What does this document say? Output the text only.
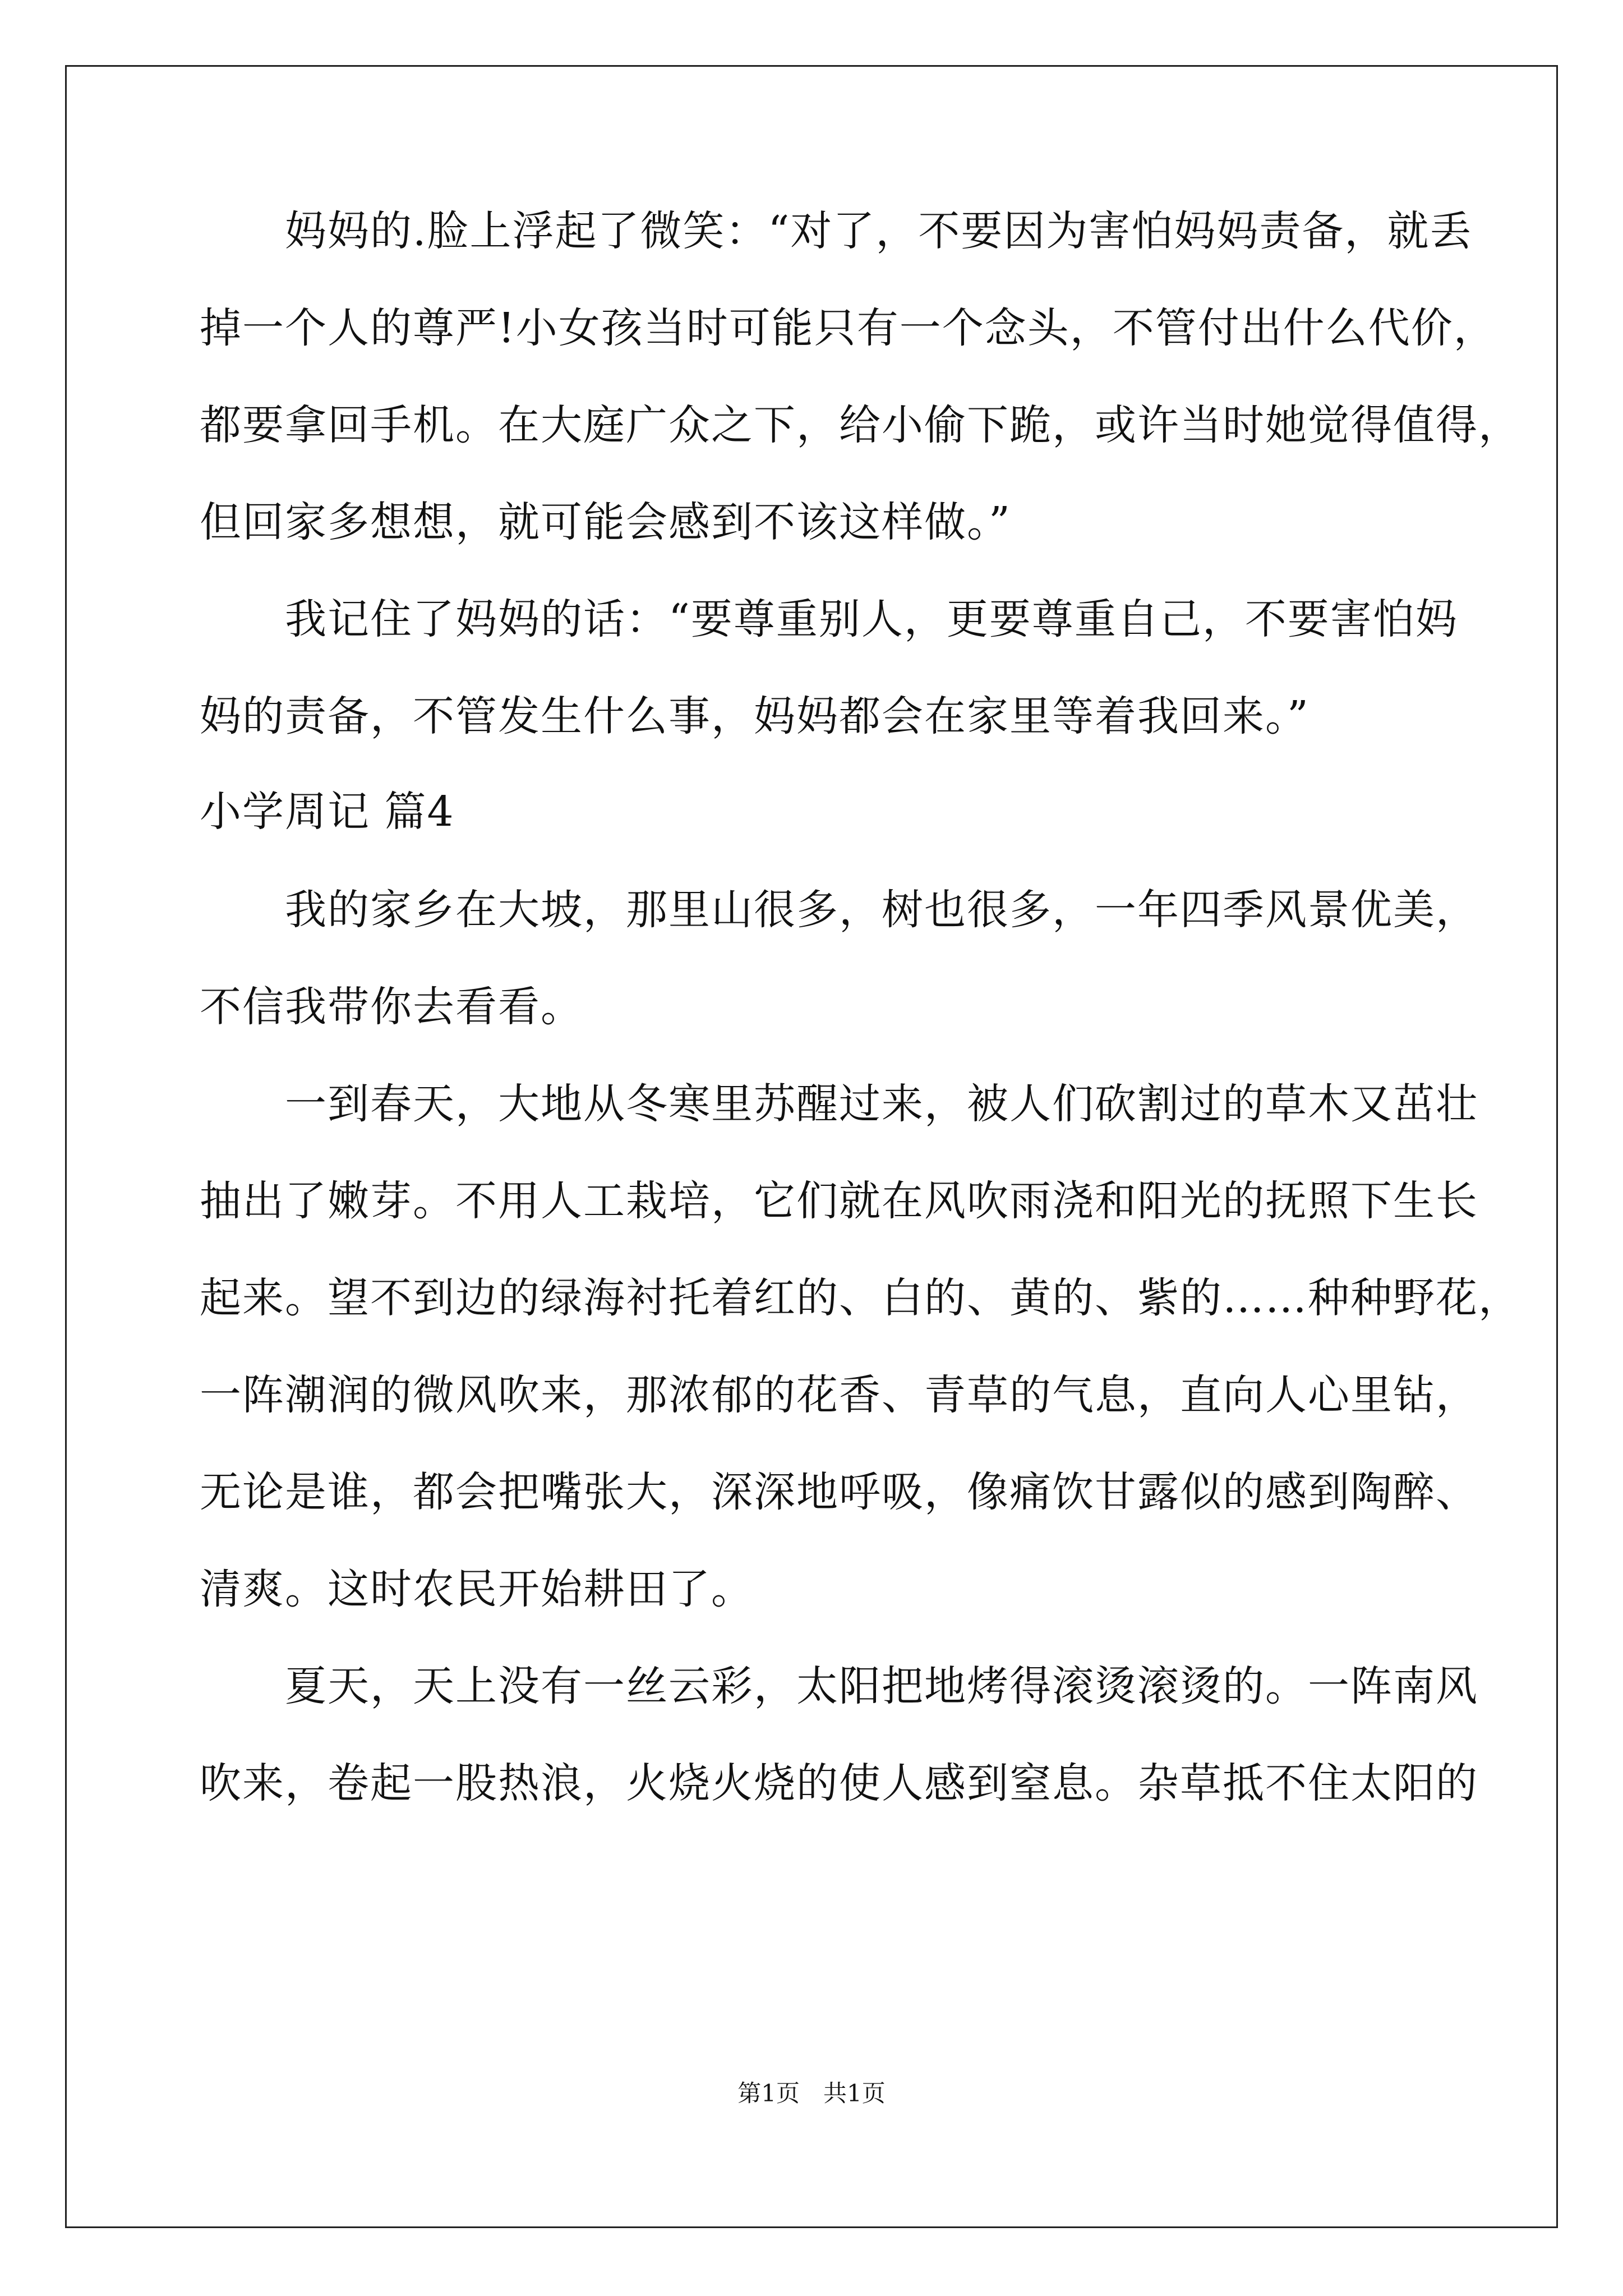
　　妈妈的.脸上浮起了微笑：“对了，不要因为害怕妈妈责备，就丢
掉一个人的尊严!小女孩当时可能只有一个念头，不管付出什么代价，
都要拿回手机。在大庭广众之下，给小偷下跪，或许当时她觉得值得，
但回家多想想，就可能会感到不该这样做。”
　　我记住了妈妈的话：“要尊重别人，更要尊重自己，不要害怕妈
妈的责备，不管发生什么事，妈妈都会在家里等着我回来。”
小学周记 篇4
　　我的家乡在大坡，那里山很多，树也很多，一年四季风景优美，
不信我带你去看看。
　　一到春天，大地从冬寒里苏醒过来，被人们砍割过的草木又茁壮
抽出了嫩芽。不用人工栽培，它们就在风吹雨浇和阳光的抚照下生长
起来。望不到边的绿海衬托着红的、白的、黄的、紫的……种种野花，
一阵潮润的微风吹来，那浓郁的花香、青草的气息，直向人心里钻，
无论是谁，都会把嘴张大，深深地呼吸，像痛饮甘露似的感到陶醉、
清爽。这时农民开始耕田了。
　　夏天，天上没有一丝云彩，太阳把地烤得滚烫滚烫的。一阵南风
吹来，卷起一股热浪，火烧火烧的使人感到窒息。杂草抵不住太阳的
第1页　共1页
